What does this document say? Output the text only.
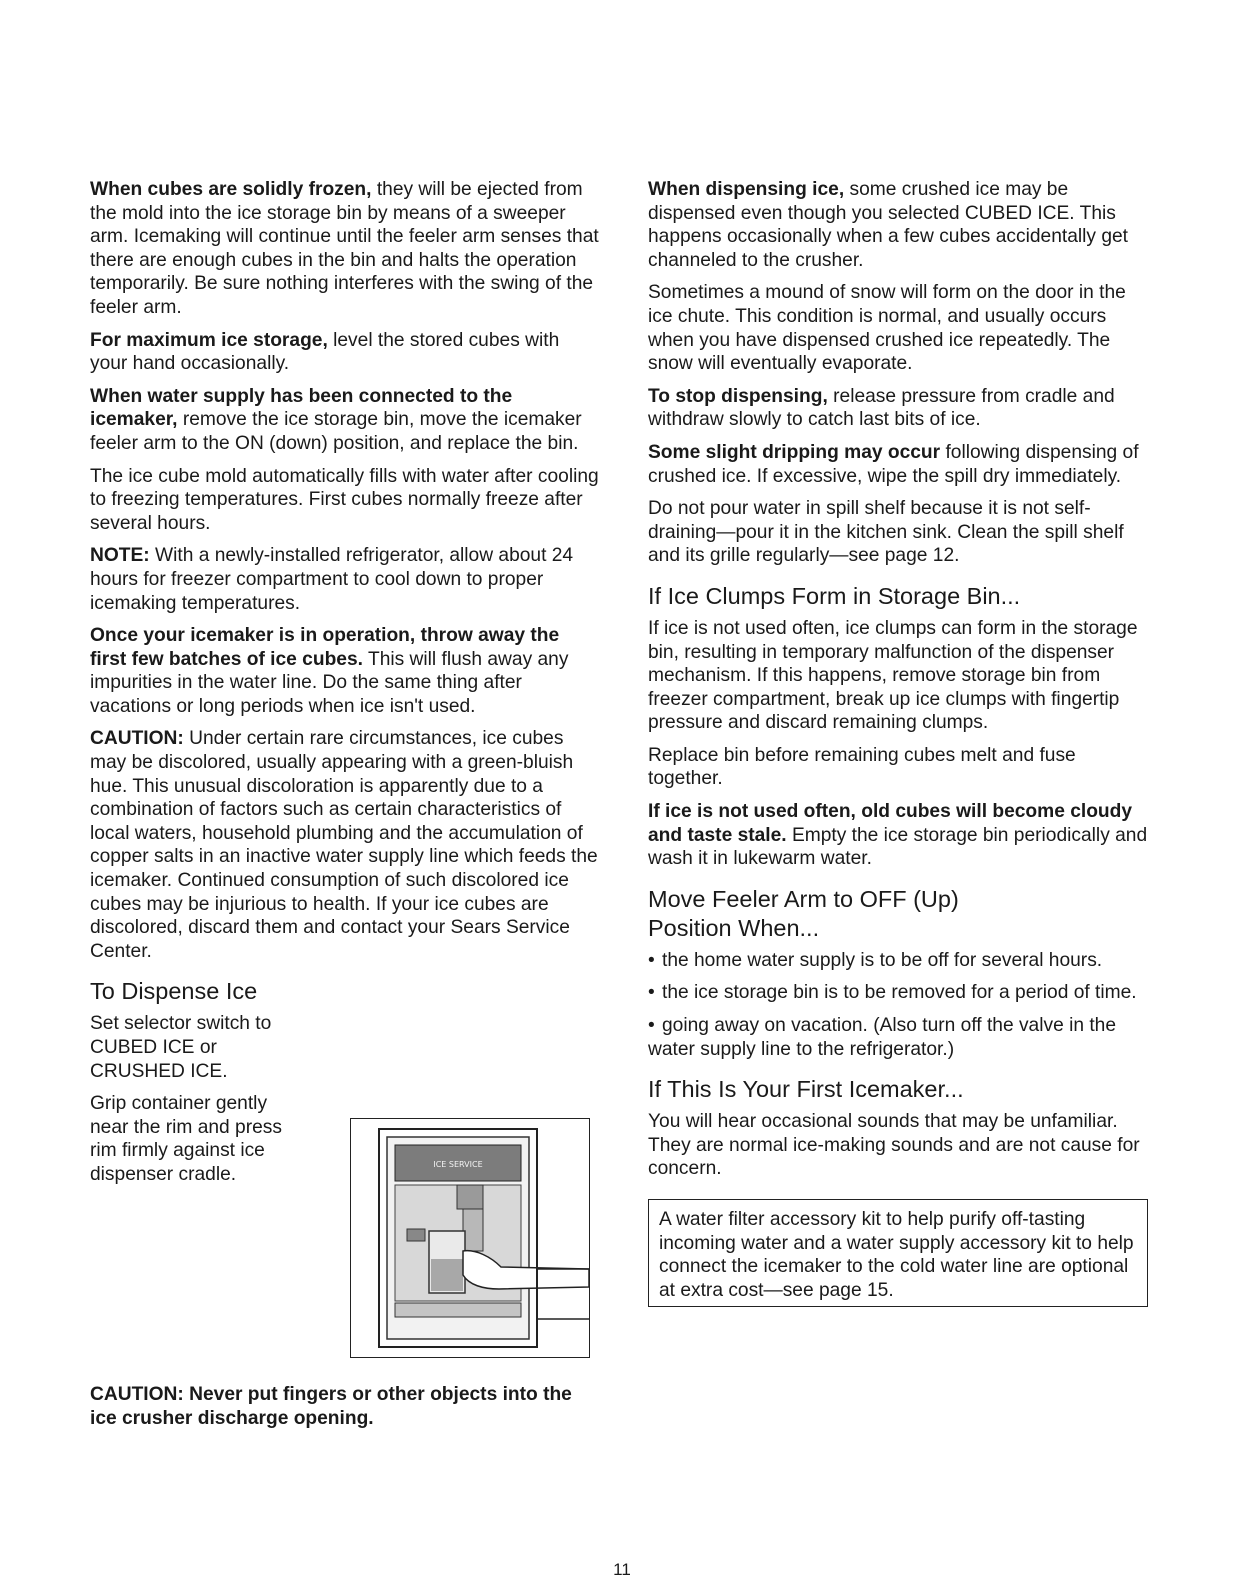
When cubes are solidly frozen, they will be ejected from the mold into the ice storage bin by means of a sweeper arm. Icemaking will continue until the feeler arm senses that there are enough cubes in the bin and halts the operation temporarily. Be sure nothing interferes with the swing of the feeler arm.

For maximum ice storage, level the stored cubes with your hand occasionally.

When water supply has been connected to the icemaker, remove the ice storage bin, move the icemaker feeler arm to the ON (down) position, and replace the bin.

The ice cube mold automatically fills with water after cooling to freezing temperatures. First cubes normally freeze after several hours.

NOTE: With a newly-installed refrigerator, allow about 24 hours for freezer compartment to cool down to proper icemaking temperatures.

Once your icemaker is in operation, throw away the first few batches of ice cubes. This will flush away any impurities in the water line. Do the same thing after vacations or long periods when ice isn't used.

CAUTION: Under certain rare circumstances, ice cubes may be discolored, usually appearing with a green-bluish hue. This unusual discoloration is apparently due to a combination of factors such as certain characteristics of local waters, household plumbing and the accumulation of copper salts in an inactive water supply line which feeds the icemaker. Continued consumption of such discolored ice cubes may be injurious to health. If your ice cubes are discolored, discard them and contact your Sears Service Center.

To Dispense Ice

Set selector switch to CUBED ICE or CRUSHED ICE.

Grip container gently near the rim and press rim firmly against ice dispenser cradle.	ICE SERVICE
CAUTION: Never put fingers or other objects into the ice crusher discharge opening.

When dispensing ice, some crushed ice may be dispensed even though you selected CUBED ICE. This happens occasionally when a few cubes accidentally get channeled to the crusher.

Sometimes a mound of snow will form on the door in the ice chute. This condition is normal, and usually occurs when you have dispensed crushed ice repeatedly. The snow will eventually evaporate.

To stop dispensing, release pressure from cradle and withdraw slowly to catch last bits of ice.

Some slight dripping may occur following dispensing of crushed ice. If excessive, wipe the spill dry immediately.

Do not pour water in spill shelf because it is not self-draining—pour it in the kitchen sink. Clean the spill shelf and its grille regularly—see page 12.

If Ice Clumps Form in Storage Bin...

If ice is not used often, ice clumps can form in the storage bin, resulting in temporary malfunction of the dispenser mechanism. If this happens, remove storage bin from freezer compartment, break up ice clumps with fingertip pressure and discard remaining clumps.

Replace bin before remaining cubes melt and fuse together.

If ice is not used often, old cubes will become cloudy and taste stale. Empty the ice storage bin periodically and wash it in lukewarm water.

Move Feeler Arm to OFF (Up)
Position When...
• the home water supply is to be off for several hours.
• the ice storage bin is to be removed for a period of time.
• going away on vacation. (Also turn off the valve in the water supply line to the refrigerator.)
If This Is Your First Icemaker...

You will hear occasional sounds that may be unfamiliar. They are normal ice-making sounds and are not cause for concern.

A water filter accessory kit to help purify off-tasting incoming water and a water supply accessory kit to help connect the icemaker to the cold water line are optional at extra cost—see page 15.
11
